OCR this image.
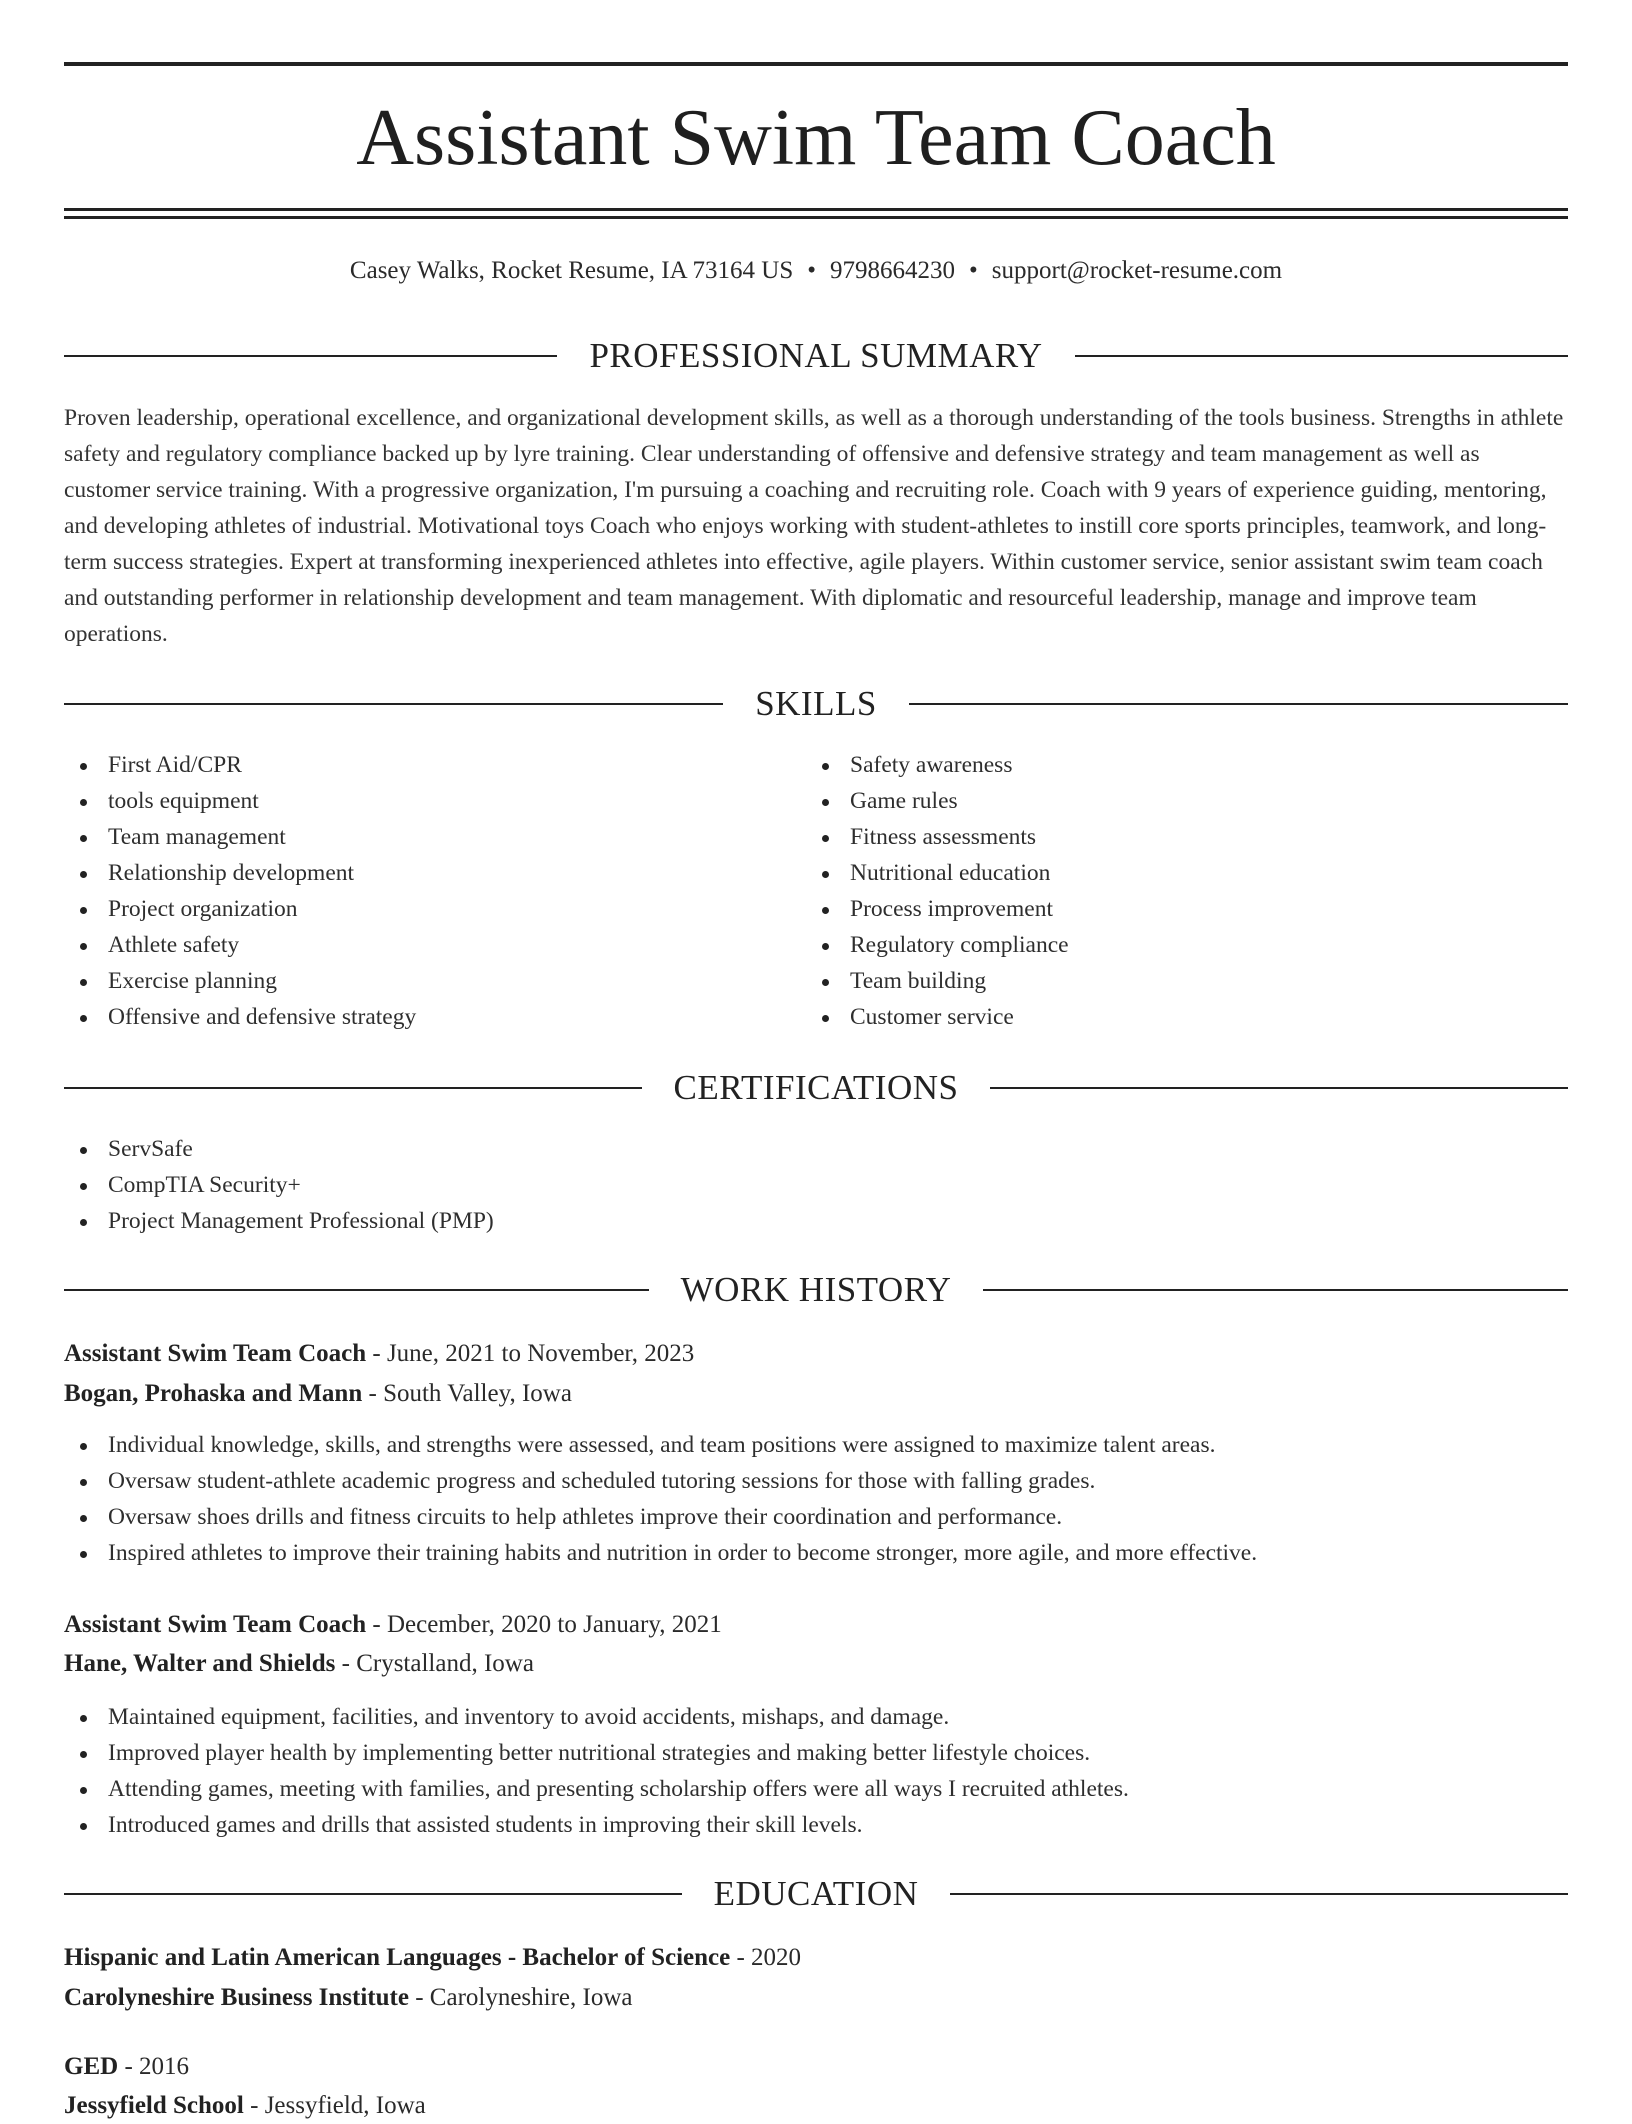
Assistant Swim Team Coach
Casey Walks, Rocket Resume, IA 73164 US • 9798664230 • support@rocket-resume.com
PROFESSIONAL SUMMARY
Proven leadership, operational excellence, and organizational development skills, as well as a thorough understanding of the tools business. Strengths in athlete safety and regulatory compliance backed up by lyre training. Clear understanding of offensive and defensive strategy and team management as well as customer service training. With a progressive organization, I'm pursuing a coaching and recruiting role. Coach with 9 years of experience guiding, mentoring, and developing athletes of industrial. Motivational toys Coach who enjoys working with student-athletes to instill core sports principles, teamwork, and long-term success strategies. Expert at transforming inexperienced athletes into effective, agile players. Within customer service, senior assistant swim team coach and outstanding performer in relationship development and team management. With diplomatic and resourceful leadership, manage and improve team operations.
SKILLS
First Aid/CPR
tools equipment
Team management
Relationship development
Project organization
Athlete safety
Exercise planning
Offensive and defensive strategy
Safety awareness
Game rules
Fitness assessments
Nutritional education
Process improvement
Regulatory compliance
Team building
Customer service
CERTIFICATIONS
ServSafe
CompTIA Security+
Project Management Professional (PMP)
WORK HISTORY
Assistant Swim Team Coach - June, 2021 to November, 2023
Bogan, Prohaska and Mann - South Valley, Iowa
Individual knowledge, skills, and strengths were assessed, and team positions were assigned to maximize talent areas.
Oversaw student-athlete academic progress and scheduled tutoring sessions for those with falling grades.
Oversaw shoes drills and fitness circuits to help athletes improve their coordination and performance.
Inspired athletes to improve their training habits and nutrition in order to become stronger, more agile, and more effective.
Assistant Swim Team Coach - December, 2020 to January, 2021
Hane, Walter and Shields - Crystalland, Iowa
Maintained equipment, facilities, and inventory to avoid accidents, mishaps, and damage.
Improved player health by implementing better nutritional strategies and making better lifestyle choices.
Attending games, meeting with families, and presenting scholarship offers were all ways I recruited athletes.
Introduced games and drills that assisted students in improving their skill levels.
EDUCATION
Hispanic and Latin American Languages - Bachelor of Science - 2020
Carolyneshire Business Institute - Carolyneshire, Iowa
GED - 2016
Jessyfield School - Jessyfield, Iowa
